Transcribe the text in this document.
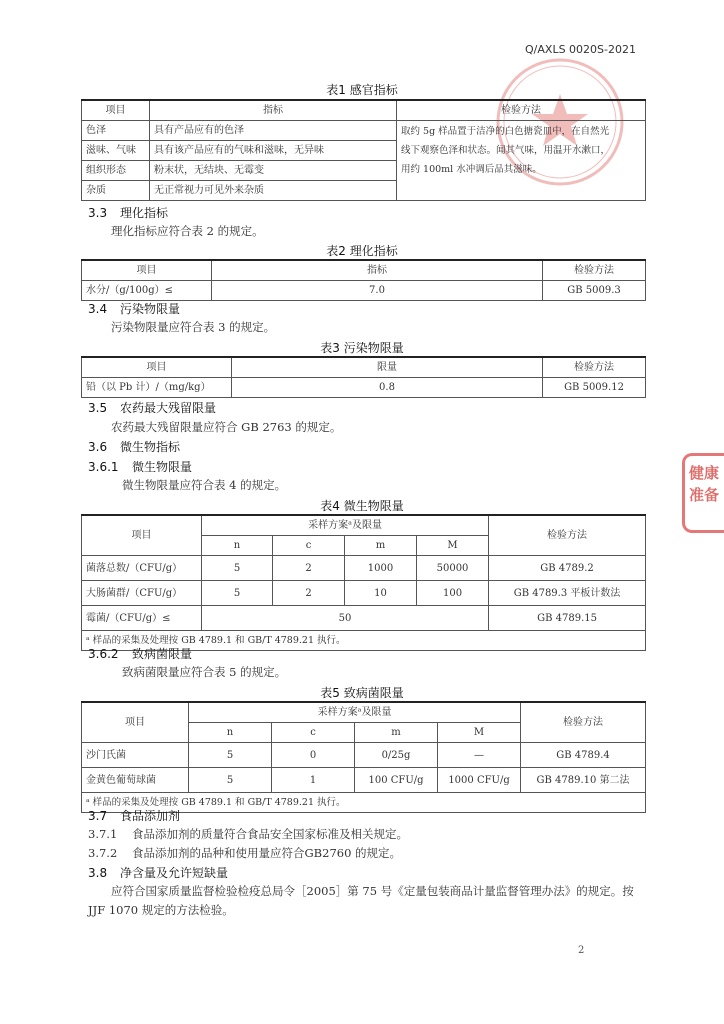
Q/AXLS 0020S-2021
健康
准备
表1 感官指标
项目	指标	检验方法
色泽	具有产品应有的色泽	取约 5g 样品置于洁净的白色搪瓷皿中，在自然光
线下观察色泽和状态。闻其气味，用温开水漱口，
用约 100ml 水冲调后品其滋味。

滋味、气味	具有该产品应有的气味和滋味，无异味	
组织形态	粉末状，无结块、无霉变	
杂质	无正常视力可见外来杂质	
3.3 理化指标
理化指标应符合表 2 的规定。
表2 理化指标
项目	指标	检验方法
水分/（g/100g）≤	7.0	GB 5009.3
3.4 污染物限量
污染物限量应符合表 3 的规定。
表3 污染物限量
项目	限量	检验方法
铅（以 Pb 计）/（mg/kg）	0.8	GB 5009.12
3.5 农药最大残留限量
农药最大残留限量应符合 GB 2763 的规定。
3.6 微生物指标
3.6.1 微生物限量
微生物限量应符合表 4 的规定。
表4 微生物限量
项目	采样方案ᵃ及限量				检验方法
	n	c	m	M	
菌落总数/（CFU/g）	5	2	1000	50000	GB 4789.2
大肠菌群/（CFU/g）	5	2	10	100	GB 4789.3 平板计数法
霉菌/（CFU/g）≤	50				GB 4789.15
ᵃ 样品的采集及处理按 GB 4789.1 和 GB/T 4789.21 执行。					
3.6.2 致病菌限量
致病菌限量应符合表 5 的规定。
表5 致病菌限量
项目	采样方案ᵃ及限量				检验方法
	n	c	m	M	
沙门氏菌	5	0	0/25g	—	GB 4789.4
金黄色葡萄球菌	5	1	100 CFU/g	1000 CFU/g	GB 4789.10 第二法
ᵃ 样品的采集及处理按 GB 4789.1 和 GB/T 4789.21 执行。					
3.7 食品添加剂
3.7.1 食品添加剂的质量符合食品安全国家标准及相关规定。
3.7.2 食品添加剂的品种和使用量应符合GB2760 的规定。
3.8 净含量及允许短缺量
应符合国家质量监督检验检疫总局令［2005］第 75 号《定量包装商品计量监督管理办法》的规定。按 JJF 1070 规定的方法检验。
2
